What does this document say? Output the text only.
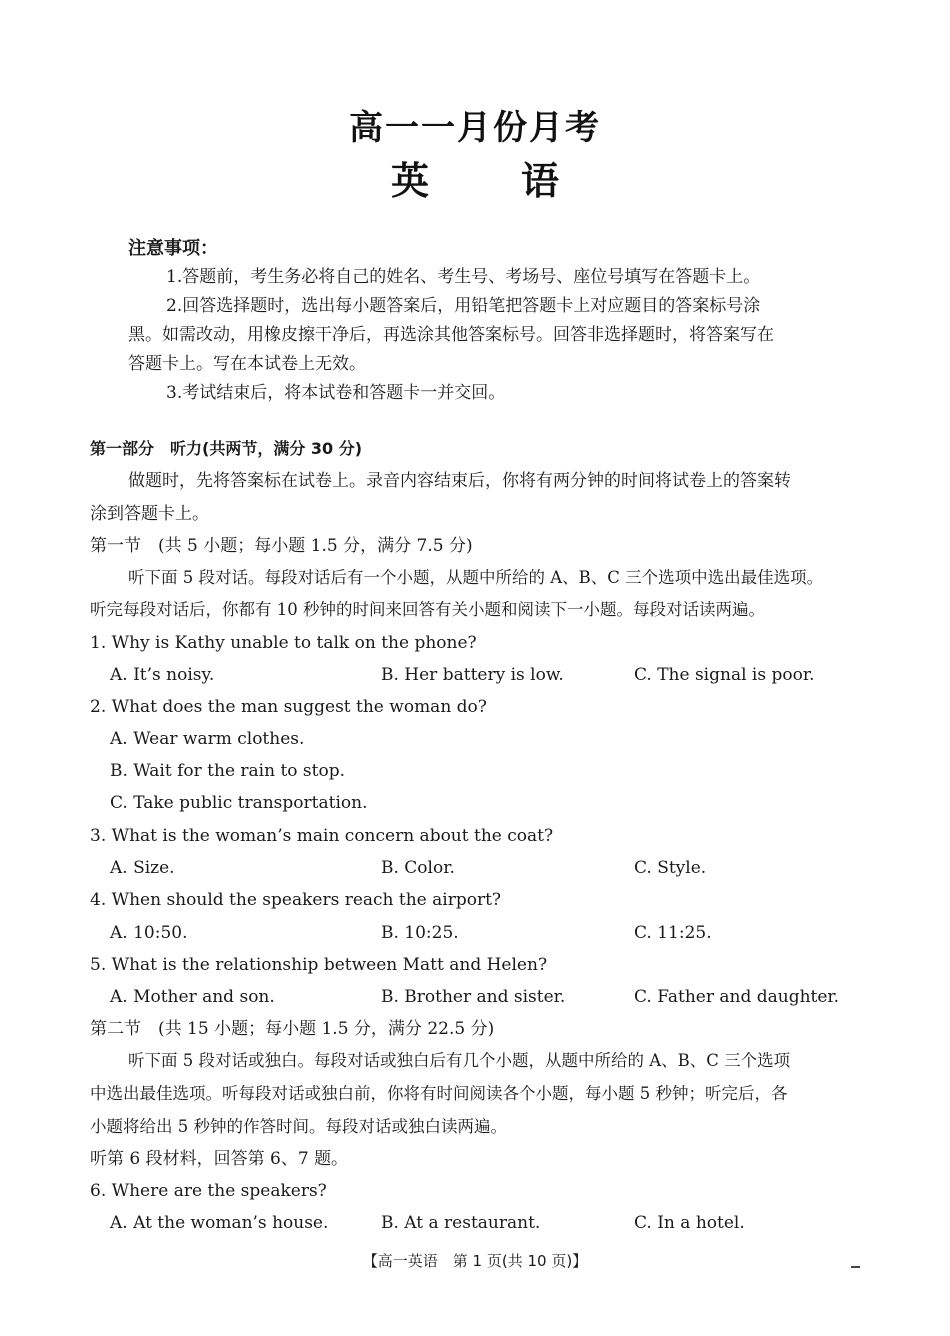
高一一月份月考
英 语
注意事项：
1.答题前，考生务必将自己的姓名、考生号、考场号、座位号填写在答题卡上。
2.回答选择题时，选出每小题答案后，用铅笔把答题卡上对应题目的答案标号涂
黑。如需改动，用橡皮擦干净后，再选涂其他答案标号。回答非选择题时，将答案写在
答题卡上。写在本试卷上无效。
3.考试结束后，将本试卷和答题卡一并交回。
第一部分　听力(共两节，满分 30 分)
做题时，先将答案标在试卷上。录音内容结束后，你将有两分钟的时间将试卷上的答案转
涂到答题卡上。
第一节　(共 5 小题；每小题 1.5 分，满分 7.5 分)
听下面 5 段对话。每段对话后有一个小题，从题中所给的 A、B、C 三个选项中选出最佳选项。
听完每段对话后，你都有 10 秒钟的时间来回答有关小题和阅读下一小题。每段对话读两遍。
1. Why is Kathy unable to talk on the phone?
A. It’s noisy.	B. Her battery is low.	C. The signal is poor.
2. What does the man suggest the woman do?
A. Wear warm clothes.
B. Wait for the rain to stop.
C. Take public transportation.
3. What is the woman’s main concern about the coat?
A. Size.	B. Color.	C. Style.
4. When should the speakers reach the airport?
A. 10:50.	B. 10:25.	C. 11:25.
5. What is the relationship between Matt and Helen?
A. Mother and son.	B. Brother and sister.	C. Father and daughter.
第二节　(共 15 小题；每小题 1.5 分，满分 22.5 分)
听下面 5 段对话或独白。每段对话或独白后有几个小题，从题中所给的 A、B、C 三个选项
中选出最佳选项。听每段对话或独白前，你将有时间阅读各个小题，每小题 5 秒钟；听完后，各
小题将给出 5 秒钟的作答时间。每段对话或独白读两遍。
听第 6 段材料，回答第 6、7 题。
6. Where are the speakers?
A. At the woman’s house.	B. At a restaurant.	C. In a hotel.
【高一英语　第 1 页(共 10 页)】
